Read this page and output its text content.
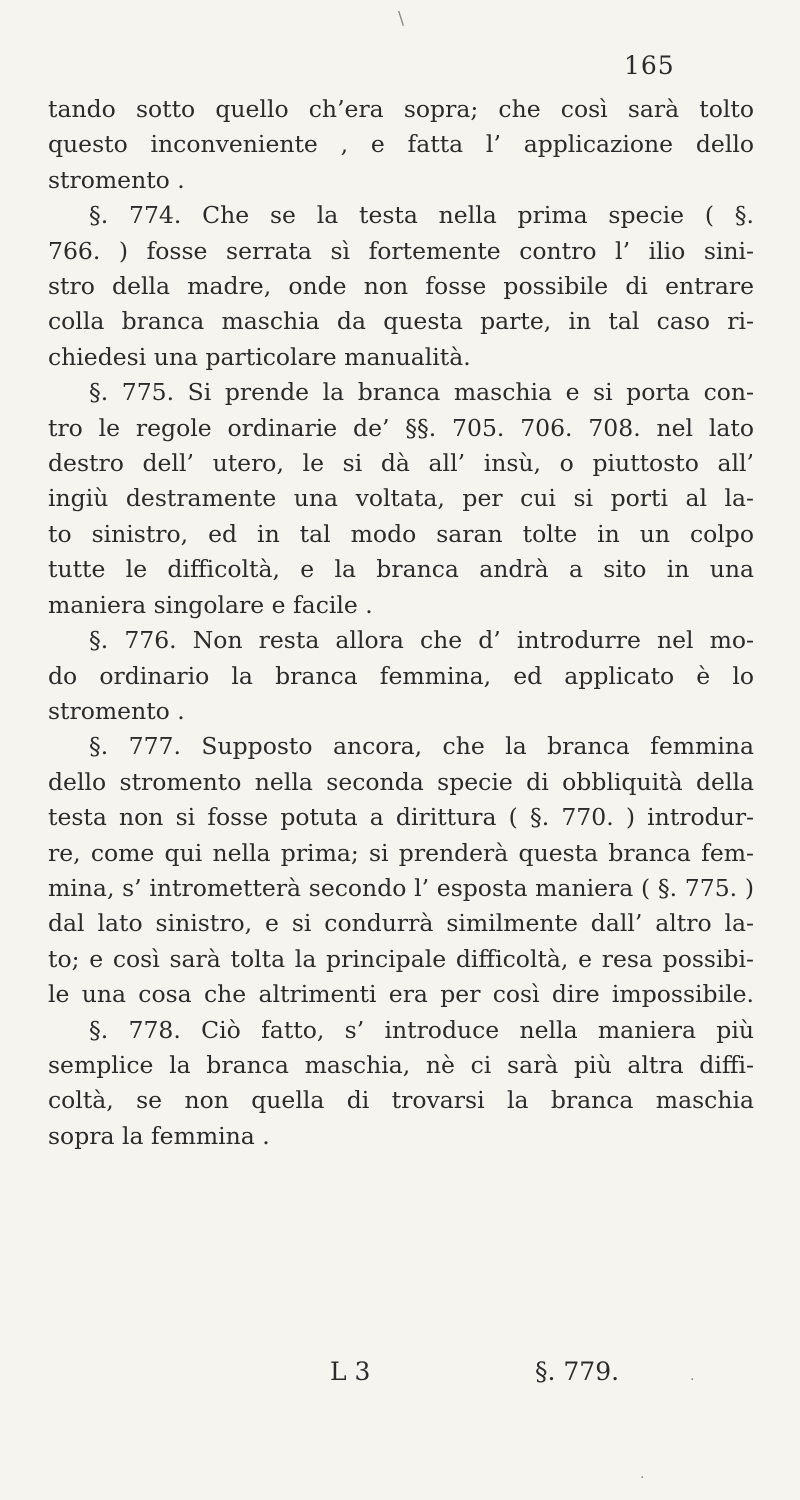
\
165
tando sotto quello ch’era sopra; che così sarà tolto
questo inconveniente , e fatta l’ applicazione dello
stromento .
§. 774. Che se la testa nella prima specie ( §.
766. ) fosse serrata sì fortemente contro l’ ilio sini-
stro della madre, onde non fosse possibile di entrare
colla branca maschia da questa parte, in tal caso ri-
chiedesi una particolare manualità.
§. 775. Si prende la branca maschia e si porta con-
tro le regole ordinarie de’ §§. 705. 706. 708. nel lato
destro dell’ utero, le si dà all’ insù, o piuttosto all’
ingiù destramente una voltata, per cui si porti al la-
to sinistro, ed in tal modo saran tolte in un colpo
tutte le difficoltà, e la branca andrà a sito in una
maniera singolare e facile .
§. 776. Non resta allora che d’ introdurre nel mo-
do ordinario la branca femmina, ed applicato è lo
stromento .
§. 777. Supposto ancora, che la branca femmina
dello stromento nella seconda specie di obbliquità della
testa non si fosse potuta a dirittura ( §. 770. ) introdur-
re, come qui nella prima; si prenderà questa branca fem-
mina, s’ intrometterà secondo l’ esposta maniera ( §. 775. )
dal lato sinistro, e si condurrà similmente dall’ altro la-
to; e così sarà tolta la principale difficoltà, e resa possibi-
le una cosa che altrimenti era per così dire impossibile.
§. 778. Ciò fatto, s’ introduce nella maniera più
semplice la branca maschia, nè ci sarà più altra diffi-
coltà, se non quella di trovarsi la branca maschia
sopra la femmina .
L 3	§. 779.	·
.
